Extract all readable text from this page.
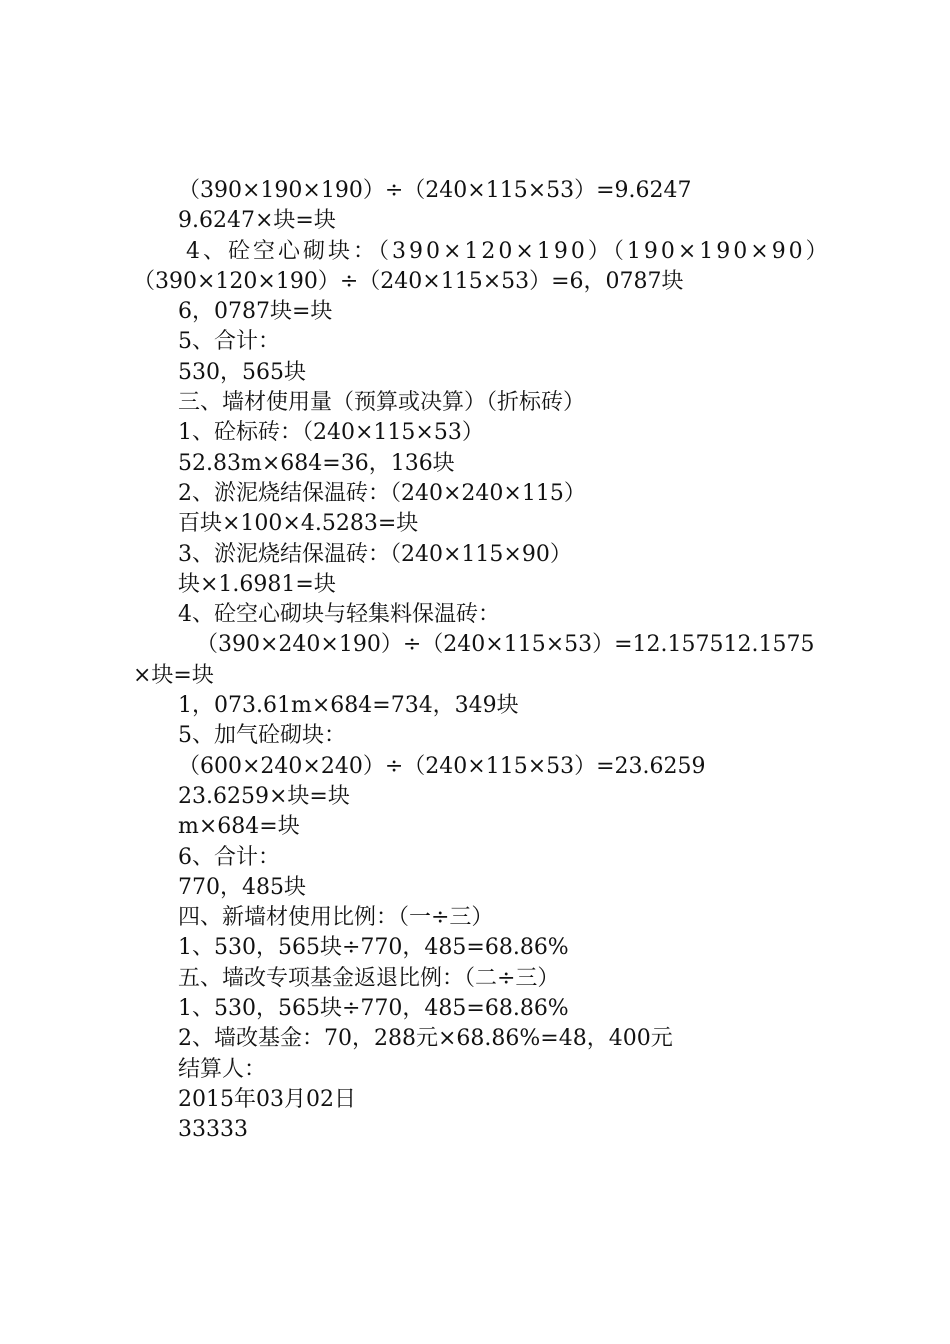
（390×190×190）÷（240×115×53）=9.6247
9.6247×块=块
4、砼空心砌块：（390×120×190）（190×190×90）
（390×120×190）÷（240×115×53）=6，0787块
6，0787块=块
5、合计：
530，565块
三、墙材使用量（预算或决算）（折标砖）
1、砼标砖：（240×115×53）
52.83m×684=36，136块
2、淤泥烧结保温砖：（240×240×115）
百块×100×4.5283=块
3、淤泥烧结保温砖：（240×115×90）
块×1.6981=块
4、砼空心砌块与轻集料保温砖：
（390×240×190）÷（240×115×53）=12.157512.1575
×块=块
1，073.61m×684=734，349块
5、加气砼砌块：
（600×240×240）÷（240×115×53）=23.6259
23.6259×块=块
m×684=块
6、合计：
770，485块
四、新墙材使用比例：（一÷三）
1、530，565块÷770，485=68.86%
五、墙改专项基金返退比例：（二÷三）
1、530，565块÷770，485=68.86%
2、墙改基金：70，288元×68.86%=48，400元
结算人：
2015年03月02日
33333
